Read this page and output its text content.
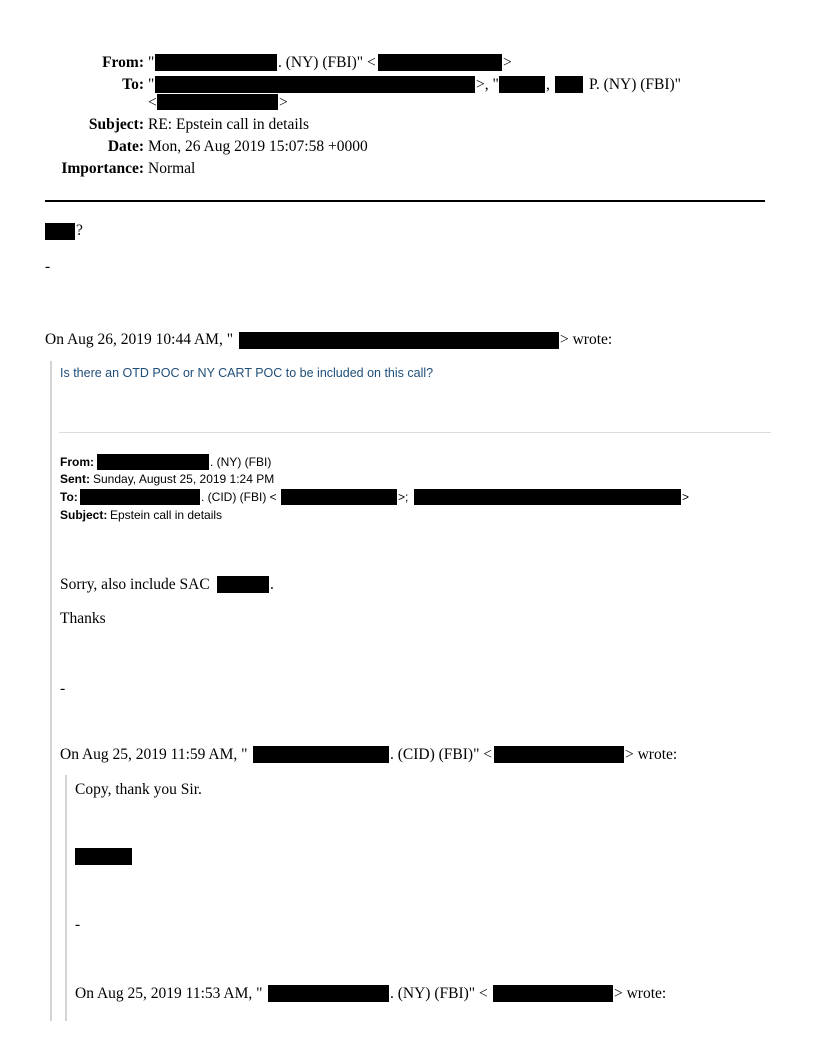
From: "	. (NY) (FBI)" <	>
To: "	>, "	,	P. (NY) (FBI)"
<	>
Subject: RE: Epstein call in details
Date: Mon, 26 Aug 2019 15:07:58 +0000
Importance: Normal
?
-
On Aug 26, 2019 10:44 AM, "	> wrote:
Is there an OTD POC or NY CART POC to be included on this call?
From:	. (NY) (FBI)
Sent: Sunday, August 25, 2019 1:24 PM
To:	. (CID) (FBI) <	>;	>
Subject: Epstein call in details
Sorry, also include SAC	.
Thanks
-
On Aug 25, 2019 11:59 AM, "	. (CID) (FBI)" <	> wrote:
Copy, thank you Sir.
-
On Aug 25, 2019 11:53 AM, "	. (NY) (FBI)" <	> wrote:
